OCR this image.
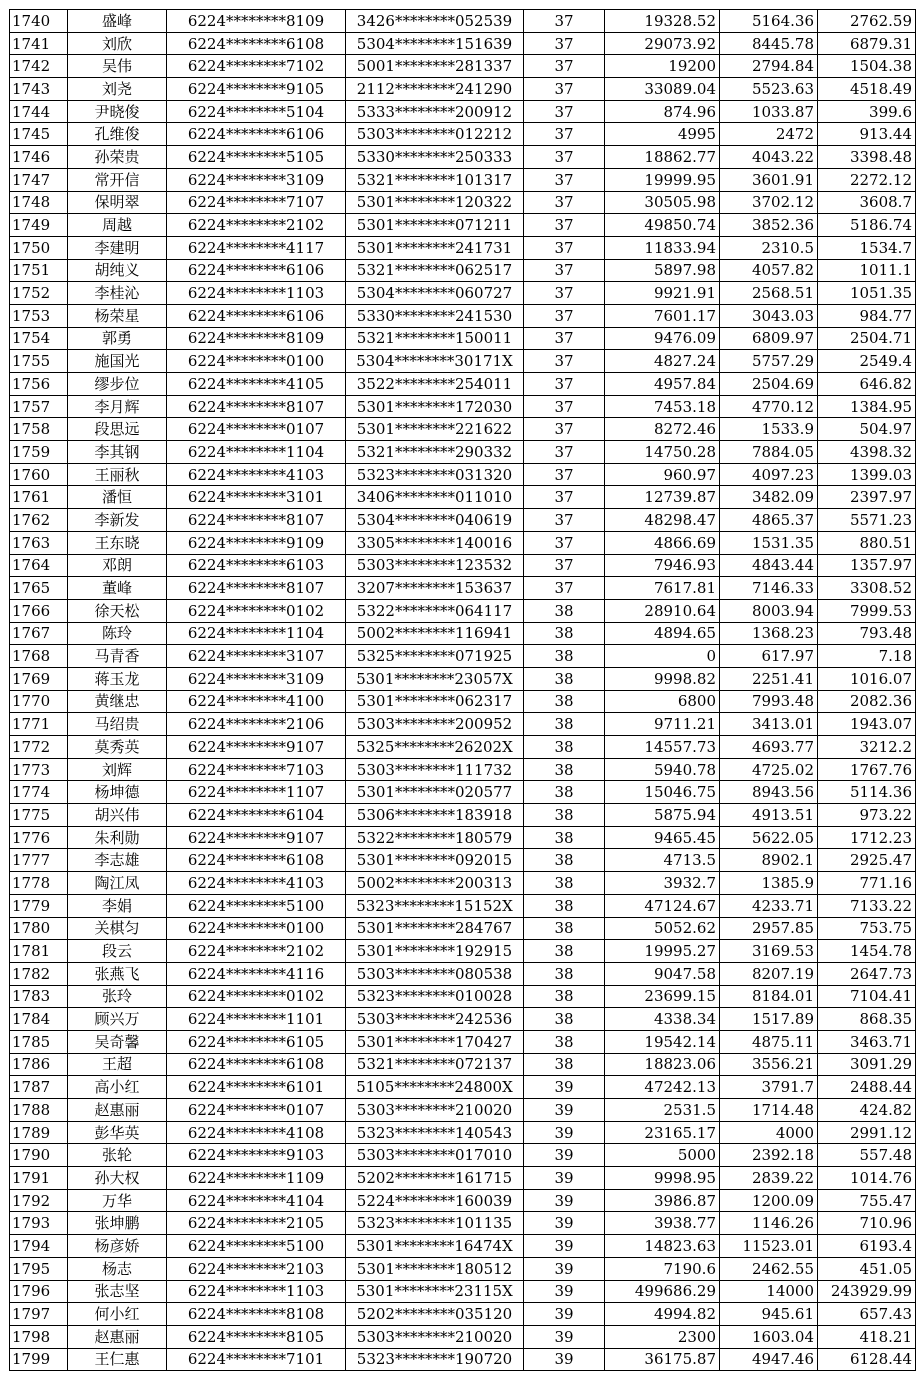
1740	盛峰	6224********8109	3426********052539	37	19328.52	5164.36	2762.59
1741	刘欣	6224********6108	5304********151639	37	29073.92	8445.78	6879.31
1742	吴伟	6224********7102	5001********281337	37	19200	2794.84	1504.38
1743	刘尧	6224********9105	2112********241290	37	33089.04	5523.63	4518.49
1744	尹晓俊	6224********5104	5333********200912	37	874.96	1033.87	399.6
1745	孔维俊	6224********6106	5303********012212	37	4995	2472	913.44
1746	孙荣贵	6224********5105	5330********250333	37	18862.77	4043.22	3398.48
1747	常开信	6224********3109	5321********101317	37	19999.95	3601.91	2272.12
1748	保明翠	6224********7107	5301********120322	37	30505.98	3702.12	3608.7
1749	周越	6224********2102	5301********071211	37	49850.74	3852.36	5186.74
1750	李建明	6224********4117	5301********241731	37	11833.94	2310.5	1534.7
1751	胡纯义	6224********6106	5321********062517	37	5897.98	4057.82	1011.1
1752	李桂沁	6224********1103	5304********060727	37	9921.91	2568.51	1051.35
1753	杨荣星	6224********6106	5330********241530	37	7601.17	3043.03	984.77
1754	郭勇	6224********8109	5321********150011	37	9476.09	6809.97	2504.71
1755	施国光	6224********0100	5304********30171X	37	4827.24	5757.29	2549.4
1756	缪步位	6224********4105	3522********254011	37	4957.84	2504.69	646.82
1757	李月辉	6224********8107	5301********172030	37	7453.18	4770.12	1384.95
1758	段思远	6224********0107	5301********221622	37	8272.46	1533.9	504.97
1759	李其钢	6224********1104	5321********290332	37	14750.28	7884.05	4398.32
1760	王丽秋	6224********4103	5323********031320	37	960.97	4097.23	1399.03
1761	潘恒	6224********3101	3406********011010	37	12739.87	3482.09	2397.97
1762	李新发	6224********8107	5304********040619	37	48298.47	4865.37	5571.23
1763	王东晓	6224********9109	3305********140016	37	4866.69	1531.35	880.51
1764	邓朗	6224********6103	5303********123532	37	7946.93	4843.44	1357.97
1765	董峰	6224********8107	3207********153637	37	7617.81	7146.33	3308.52
1766	徐天松	6224********0102	5322********064117	38	28910.64	8003.94	7999.53
1767	陈玲	6224********1104	5002********116941	38	4894.65	1368.23	793.48
1768	马青香	6224********3107	5325********071925	38	0	617.97	7.18
1769	蒋玉龙	6224********3109	5301********23057X	38	9998.82	2251.41	1016.07
1770	黄继忠	6224********4100	5301********062317	38	6800	7993.48	2082.36
1771	马绍贵	6224********2106	5303********200952	38	9711.21	3413.01	1943.07
1772	莫秀英	6224********9107	5325********26202X	38	14557.73	4693.77	3212.2
1773	刘辉	6224********7103	5303********111732	38	5940.78	4725.02	1767.76
1774	杨坤德	6224********1107	5301********020577	38	15046.75	8943.56	5114.36
1775	胡兴伟	6224********6104	5306********183918	38	5875.94	4913.51	973.22
1776	朱利勋	6224********9107	5322********180579	38	9465.45	5622.05	1712.23
1777	李志雄	6224********6108	5301********092015	38	4713.5	8902.1	2925.47
1778	陶江凤	6224********4103	5002********200313	38	3932.7	1385.9	771.16
1779	李娟	6224********5100	5323********15152X	38	47124.67	4233.71	7133.22
1780	关棋匀	6224********0100	5301********284767	38	5052.62	2957.85	753.75
1781	段云	6224********2102	5301********192915	38	19995.27	3169.53	1454.78
1782	张燕飞	6224********4116	5303********080538	38	9047.58	8207.19	2647.73
1783	张玲	6224********0102	5323********010028	38	23699.15	8184.01	7104.41
1784	顾兴万	6224********1101	5303********242536	38	4338.34	1517.89	868.35
1785	吴奇馨	6224********6105	5301********170427	38	19542.14	4875.11	3463.71
1786	王超	6224********6108	5321********072137	38	18823.06	3556.21	3091.29
1787	高小红	6224********6101	5105********24800X	39	47242.13	3791.7	2488.44
1788	赵惠丽	6224********0107	5303********210020	39	2531.5	1714.48	424.82
1789	彭华英	6224********4108	5323********140543	39	23165.17	4000	2991.12
1790	张轮	6224********9103	5303********017010	39	5000	2392.18	557.48
1791	孙大权	6224********1109	5202********161715	39	9998.95	2839.22	1014.76
1792	万华	6224********4104	5224********160039	39	3986.87	1200.09	755.47
1793	张坤鹏	6224********2105	5323********101135	39	3938.77	1146.26	710.96
1794	杨彦娇	6224********5100	5301********16474X	39	14823.63	11523.01	6193.4
1795	杨志	6224********2103	5301********180512	39	7190.6	2462.55	451.05
1796	张志坚	6224********1103	5301********23115X	39	499686.29	14000	243929.99
1797	何小红	6224********8108	5202********035120	39	4994.82	945.61	657.43
1798	赵惠丽	6224********8105	5303********210020	39	2300	1603.04	418.21
1799	王仁惠	6224********7101	5323********190720	39	36175.87	4947.46	6128.44
